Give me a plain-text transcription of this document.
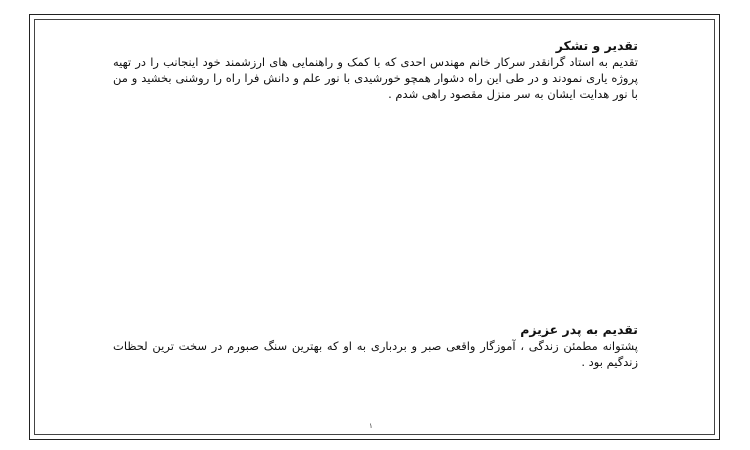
تقدیر و تشکر

تقدیم به استاد گرانقدر سرکار خانم مهندس احدی که با کمک و راهنمایی های ارزشمند خود اینجانب را در تهیه پروژه یاری نمودند و در طی این راه دشوار همچو خورشیدی با نور علم و دانش فرا راه را روشنی بخشید و من با نور هدایت ایشان به سر منزل مقصود راهی شدم .

تقدیم به پدر عزیزم

پشتوانه مطمئن زندگی ، آموزگار واقعی صبر و بردباری به او که بهترین سنگ صبورم در سخت ترین لحظات زندگیم بود .

۱
